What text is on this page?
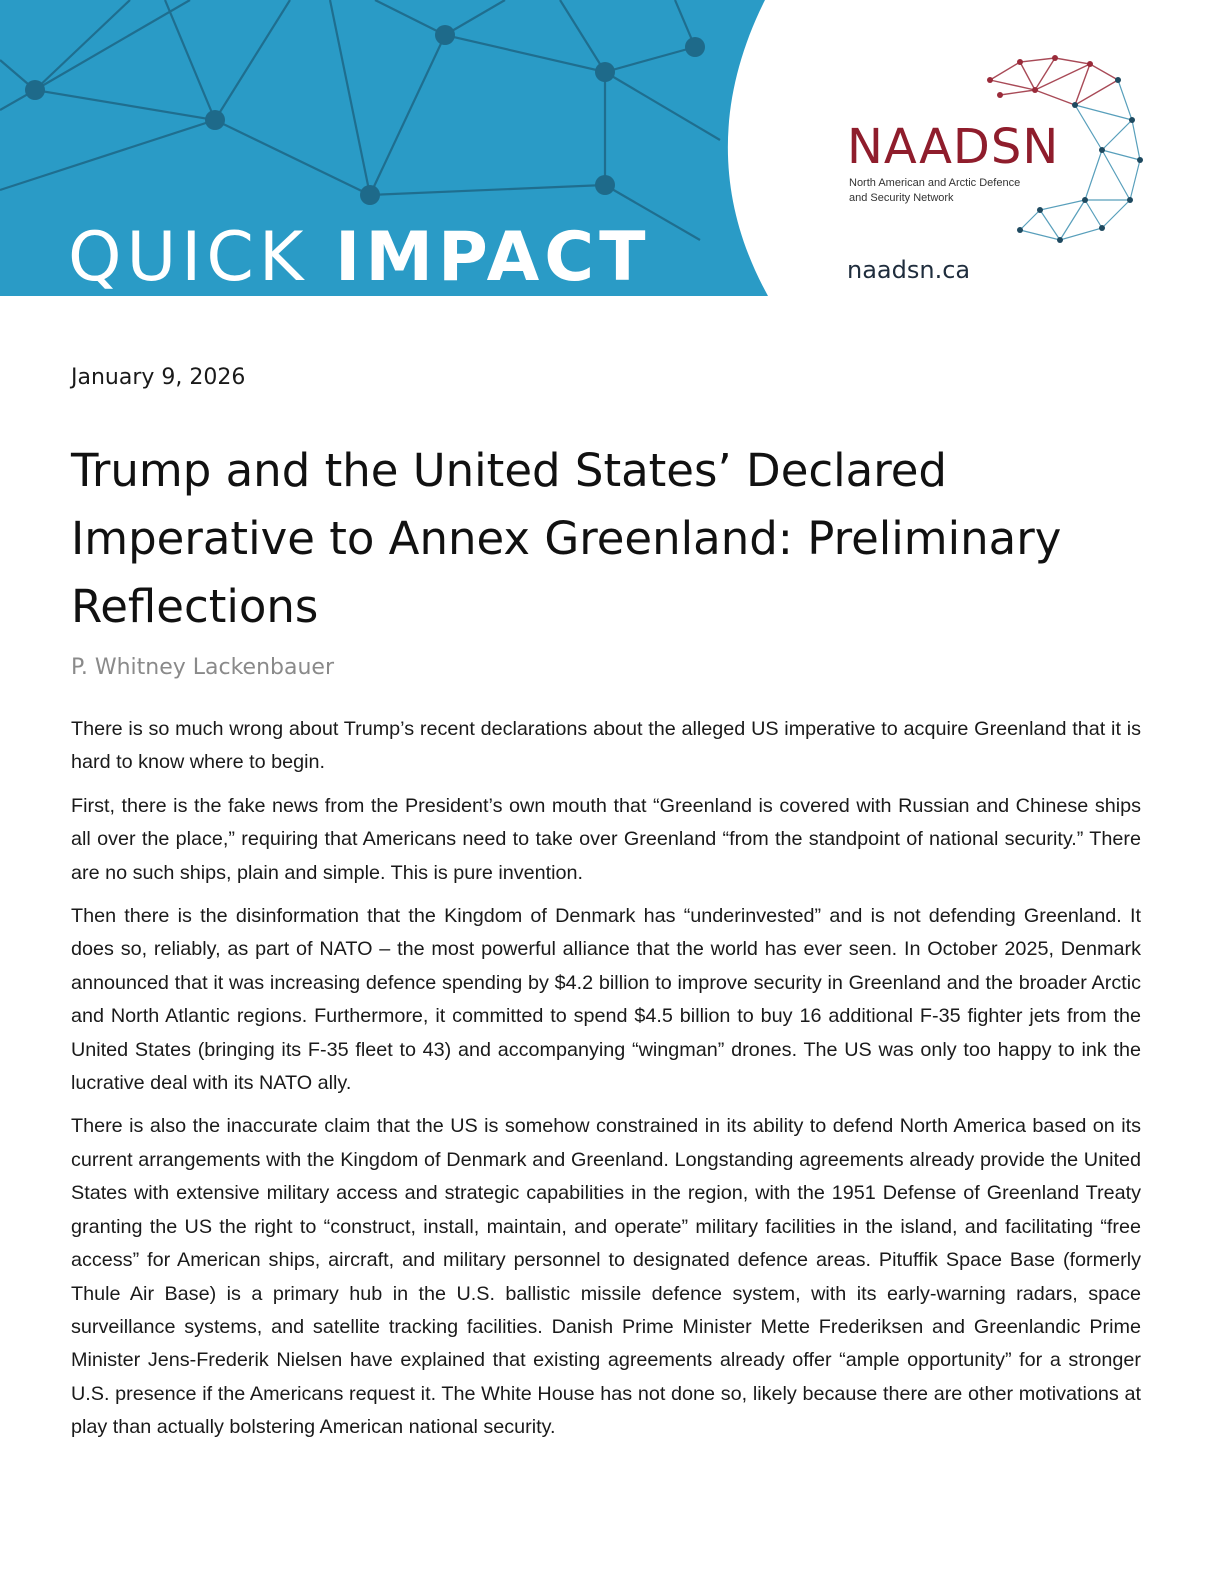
QUICK IMPACT
NAADSN
North American and Arctic Defence
and Security Network
naadsn.ca

January 9, 2026

Trump and the United States’ Declared Imperative to Annex Greenland: Preliminary Reflections

P. Whitney Lackenbauer

There is so much wrong about Trump’s recent declarations about the alleged US imperative to acquire Greenland that it is hard to know where to begin.

First, there is the fake news from the President’s own mouth that “Greenland is covered with Russian and Chinese ships all over the place,” requiring that Americans need to take over Greenland “from the standpoint of national security.” There are no such ships, plain and simple. This is pure invention.

Then there is the disinformation that the Kingdom of Denmark has “underinvested” and is not defending Greenland. It does so, reliably, as part of NATO – the most powerful alliance that the world has ever seen. In October 2025, Denmark announced that it was increasing defence spending by $4.2 billion to improve security in Greenland and the broader Arctic and North Atlantic regions. Furthermore, it committed to spend $4.5 billion to buy 16 additional F-35 fighter jets from the United States (bringing its F-35 fleet to 43) and accompanying “wingman” drones. The US was only too happy to ink the lucrative deal with its NATO ally.

There is also the inaccurate claim that the US is somehow constrained in its ability to defend North America based on its current arrangements with the Kingdom of Denmark and Greenland. Longstanding agreements already provide the United States with extensive military access and strategic capabilities in the region, with the 1951 Defense of Greenland Treaty granting the US the right to “construct, install, maintain, and operate” military facilities in the island, and facilitating “free access” for American ships, aircraft, and military personnel to designated defence areas. Pituffik Space Base (formerly Thule Air Base) is a primary hub in the U.S. ballistic missile defence system, with its early-warning radars, space surveillance systems, and satellite tracking facilities. Danish Prime Minister Mette Frederiksen and Greenlandic Prime Minister Jens-Frederik Nielsen have explained that existing agreements already offer “ample opportunity” for a stronger U.S. presence if the Americans request it. The White House has not done so, likely because there are other motivations at play than actually bolstering American national security.
